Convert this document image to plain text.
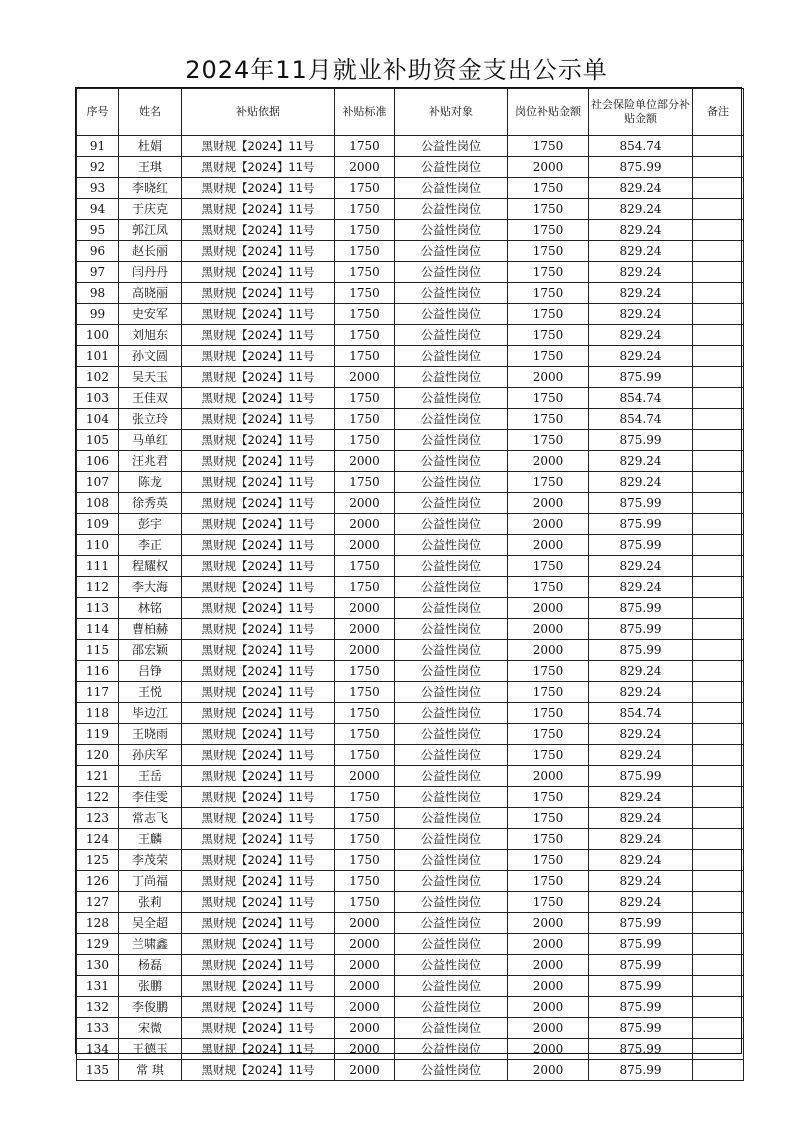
2024年11月就业补助资金支出公示单
序号	姓名	补贴依据	补贴标准	补贴对象	岗位补贴金额	社会保险单位部分补贴金额	备注
91	杜娟	黑财规【2024】11号	1750	公益性岗位	1750	854.74	
92	王琪	黑财规【2024】11号	2000	公益性岗位	2000	875.99	
93	李晓红	黑财规【2024】11号	1750	公益性岗位	1750	829.24	
94	于庆克	黑财规【2024】11号	1750	公益性岗位	1750	829.24	
95	郭江凤	黑财规【2024】11号	1750	公益性岗位	1750	829.24	
96	赵长丽	黑财规【2024】11号	1750	公益性岗位	1750	829.24	
97	闫丹丹	黑财规【2024】11号	1750	公益性岗位	1750	829.24	
98	高晓丽	黑财规【2024】11号	1750	公益性岗位	1750	829.24	
99	史安军	黑财规【2024】11号	1750	公益性岗位	1750	829.24	
100	刘旭东	黑财规【2024】11号	1750	公益性岗位	1750	829.24	
101	孙文圆	黑财规【2024】11号	1750	公益性岗位	1750	829.24	
102	吴天玉	黑财规【2024】11号	2000	公益性岗位	2000	875.99	
103	王佳双	黑财规【2024】11号	1750	公益性岗位	1750	854.74	
104	张立玲	黑财规【2024】11号	1750	公益性岗位	1750	854.74	
105	马单红	黑财规【2024】11号	1750	公益性岗位	1750	875.99	
106	汪兆君	黑财规【2024】11号	2000	公益性岗位	2000	829.24	
107	陈龙	黑财规【2024】11号	1750	公益性岗位	1750	829.24	
108	徐秀英	黑财规【2024】11号	2000	公益性岗位	2000	875.99	
109	彭宇	黑财规【2024】11号	2000	公益性岗位	2000	875.99	
110	李正	黑财规【2024】11号	2000	公益性岗位	2000	875.99	
111	程耀权	黑财规【2024】11号	1750	公益性岗位	1750	829.24	
112	李大海	黑财规【2024】11号	1750	公益性岗位	1750	829.24	
113	林铭	黑财规【2024】11号	2000	公益性岗位	2000	875.99	
114	曹柏赫	黑财规【2024】11号	2000	公益性岗位	2000	875.99	
115	邵宏颖	黑财规【2024】11号	2000	公益性岗位	2000	875.99	
116	吕铮	黑财规【2024】11号	1750	公益性岗位	1750	829.24	
117	王悦	黑财规【2024】11号	1750	公益性岗位	1750	829.24	
118	毕边江	黑财规【2024】11号	1750	公益性岗位	1750	854.74	
119	王晓雨	黑财规【2024】11号	1750	公益性岗位	1750	829.24	
120	孙庆军	黑财规【2024】11号	1750	公益性岗位	1750	829.24	
121	王岳	黑财规【2024】11号	2000	公益性岗位	2000	875.99	
122	李佳雯	黑财规【2024】11号	1750	公益性岗位	1750	829.24	
123	常志飞	黑财规【2024】11号	1750	公益性岗位	1750	829.24	
124	王麟	黑财规【2024】11号	1750	公益性岗位	1750	829.24	
125	李茂荣	黑财规【2024】11号	1750	公益性岗位	1750	829.24	
126	丁尚福	黑财规【2024】11号	1750	公益性岗位	1750	829.24	
127	张莉	黑财规【2024】11号	1750	公益性岗位	1750	829.24	
128	吴全超	黑财规【2024】11号	2000	公益性岗位	2000	875.99	
129	兰啸鑫	黑财规【2024】11号	2000	公益性岗位	2000	875.99	
130	杨磊	黑财规【2024】11号	2000	公益性岗位	2000	875.99	
131	张鹏	黑财规【2024】11号	2000	公益性岗位	2000	875.99	
132	李俊鹏	黑财规【2024】11号	2000	公益性岗位	2000	875.99	
133	宋微	黑财规【2024】11号	2000	公益性岗位	2000	875.99	
134	王德玉	黑财规【2024】11号	2000	公益性岗位	2000	875.99	
135	常 琪	黑财规【2024】11号	2000	公益性岗位	2000	875.99	
